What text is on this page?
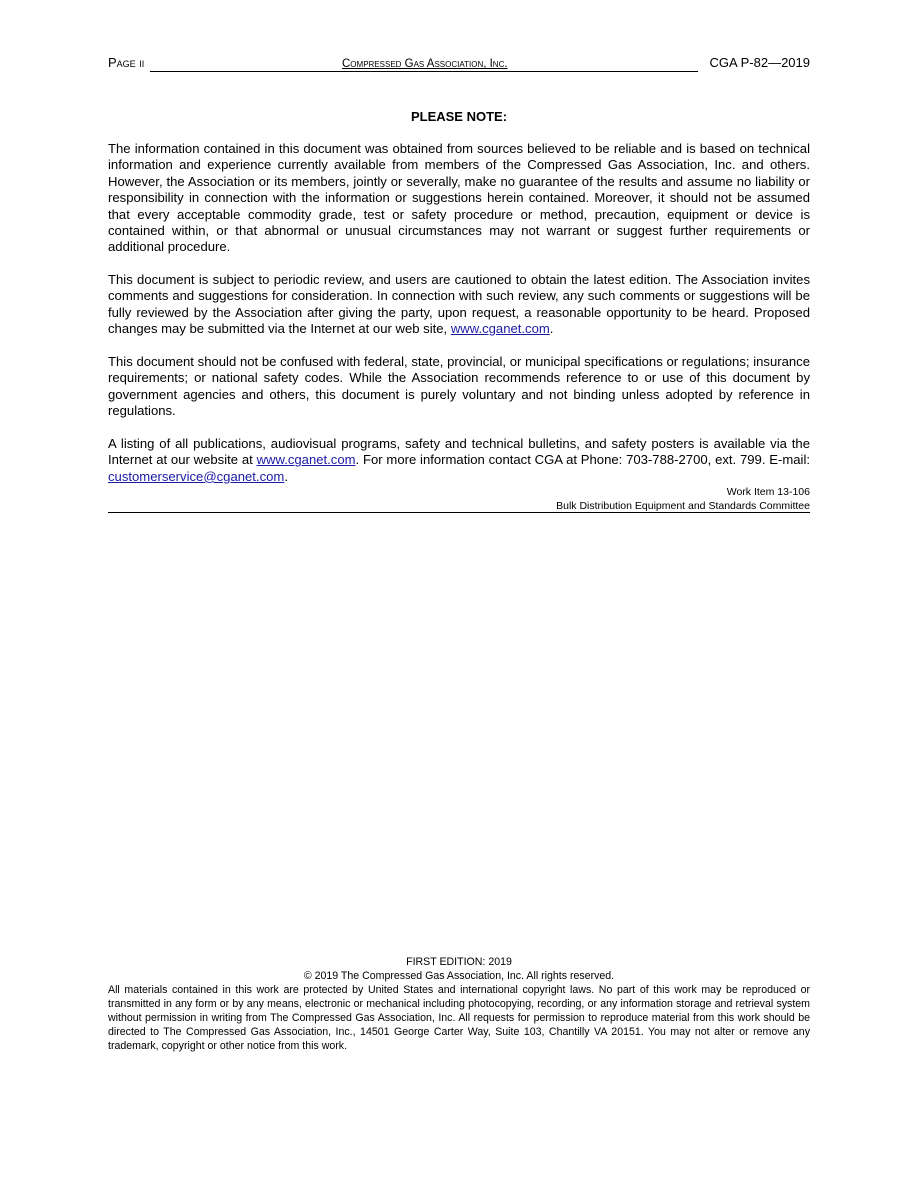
Page ii	Compressed Gas Association, Inc.	CGA P-82—2019
PLEASE NOTE:

The information contained in this document was obtained from sources believed to be reliable and is based on technical information and experience currently available from members of the Compressed Gas Association, Inc. and others. However, the Association or its members, jointly or severally, make no guarantee of the results and assume no liability or responsibility in connection with the information or suggestions herein contained. Moreover, it should not be assumed that every acceptable commodity grade, test or safety procedure or method, precaution, equipment or device is contained within, or that abnormal or unusual circumstances may not warrant or suggest further requirements or additional procedure.

This document is subject to periodic review, and users are cautioned to obtain the latest edition. The Association invites comments and suggestions for consideration. In connection with such review, any such comments or suggestions will be fully reviewed by the Association after giving the party, upon request, a reasonable opportunity to be heard. Proposed changes may be submitted via the Internet at our web site, www.cganet.com.

This document should not be confused with federal, state, provincial, or municipal specifications or regulations; insurance requirements; or national safety codes. While the Association recommends reference to or use of this document by government agencies and others, this document is purely voluntary and not binding unless adopted by reference in regulations.

A listing of all publications, audiovisual programs, safety and technical bulletins, and safety posters is available via the Internet at our website at www.cganet.com. For more information contact CGA at Phone: 703-788-2700, ext. 799. E-mail: customerservice@cganet.com.

Work Item 13-106
Bulk Distribution Equipment and Standards Committee
FIRST EDITION: 2019
© 2019 The Compressed Gas Association, Inc. All rights reserved.

All materials contained in this work are protected by United States and international copyright laws. No part of this work may be reproduced or transmitted in any form or by any means, electronic or mechanical including photocopying, recording, or any information storage and retrieval system without permission in writing from The Compressed Gas Association, Inc. All requests for permission to reproduce material from this work should be directed to The Compressed Gas Association, Inc., 14501 George Carter Way, Suite 103, Chantilly VA 20151. You may not alter or remove any trademark, copyright or other notice from this work.
